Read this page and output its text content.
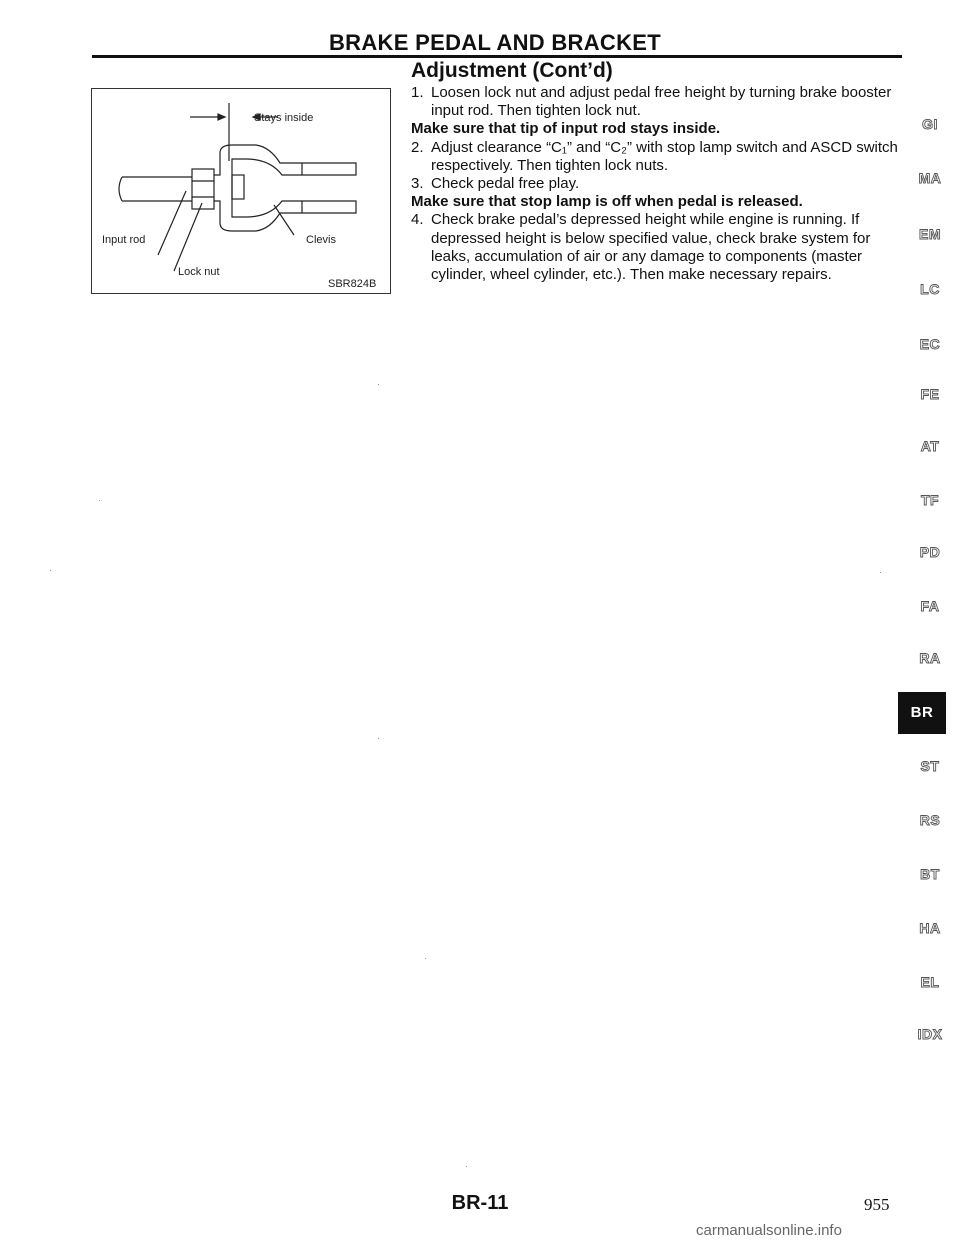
BRAKE PEDAL AND BRACKET
Adjustment (Cont’d)
Stays inside
Input rod	Clevis
Lock nut
SBR824B
1. Loosen lock nut and adjust pedal free height by turning brake booster input rod. Then tighten lock nut.
Make sure that tip of input rod stays inside.
2. Adjust clearance “C₁” and “C₂” with stop lamp switch and ASCD switch respectively. Then tighten lock nuts.
3. Check pedal free play.
Make sure that stop lamp is off when pedal is released.
4. Check brake pedal’s depressed height while engine is running. If depressed height is below specified value, check brake system for leaks, accumulation of air or any damage to components (master cylinder, wheel cylinder, etc.). Then make necessary repairs.
GI
MA
EM
LC
EC
FE
AT
TF
PD
FA
RA
BR
ST
RS
BT
HA
EL
IDX
BR-11	955
carmanualsonline.info
